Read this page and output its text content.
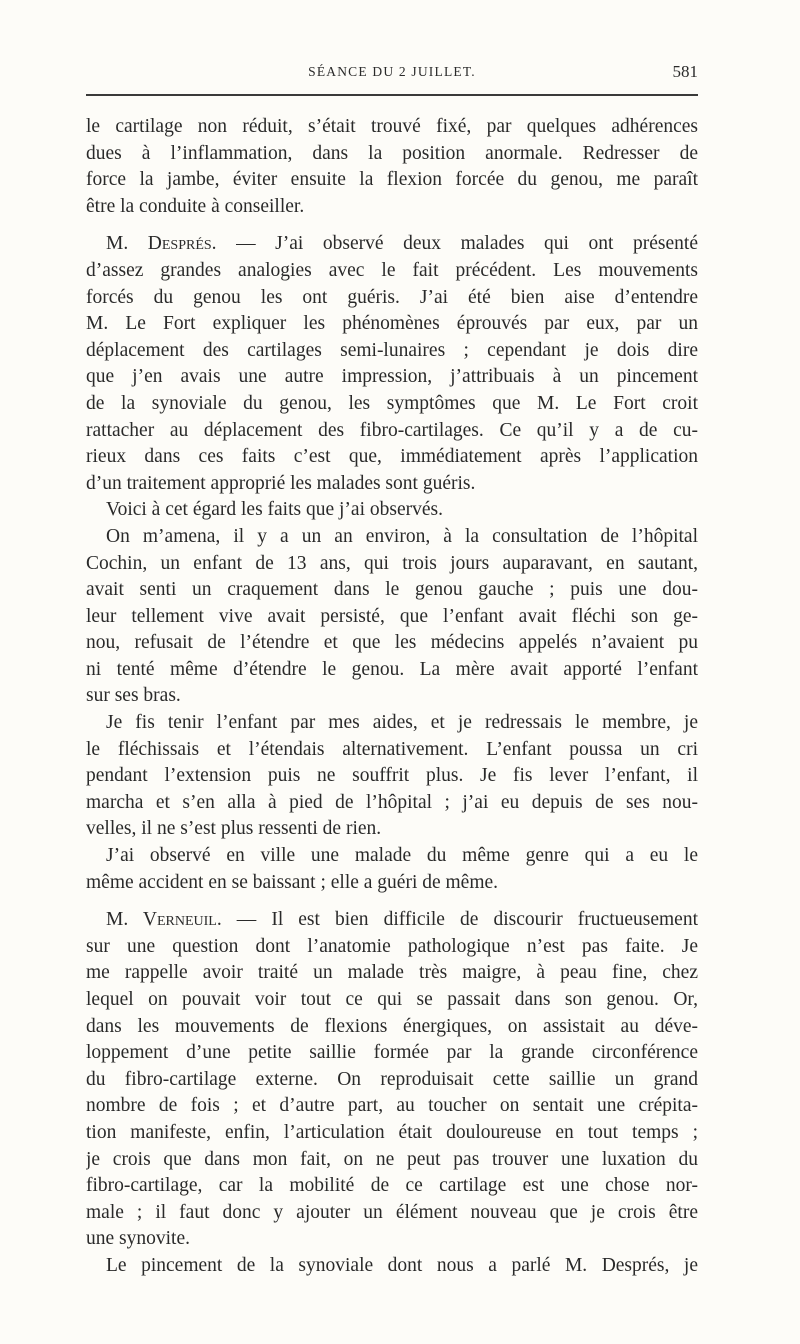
SÉANCE DU 2 JUILLET.	581
le cartilage non réduit, s’était trouvé fixé, par quelques adhérences
dues à l’inflammation, dans la position anormale. Redresser de
force la jambe, éviter ensuite la flexion forcée du genou, me paraît
être la conduite à conseiller.
M. Després. — J’ai observé deux malades qui ont présenté
d’assez grandes analogies avec le fait précédent. Les mouvements
forcés du genou les ont guéris. J’ai été bien aise d’entendre
M. Le Fort expliquer les phénomènes éprouvés par eux, par un
déplacement des cartilages semi-lunaires ; cependant je dois dire
que j’en avais une autre impression, j’attribuais à un pincement
de la synoviale du genou, les symptômes que M. Le Fort croit
rattacher au déplacement des fibro-cartilages. Ce qu’il y a de cu-
rieux dans ces faits c’est que, immédiatement après l’application
d’un traitement approprié les malades sont guéris.
Voici à cet égard les faits que j’ai observés.
On m’amena, il y a un an environ, à la consultation de l’hôpital
Cochin, un enfant de 13 ans, qui trois jours auparavant, en sautant,
avait senti un craquement dans le genou gauche ; puis une dou-
leur tellement vive avait persisté, que l’enfant avait fléchi son ge-
nou, refusait de l’étendre et que les médecins appelés n’avaient pu
ni tenté même d’étendre le genou. La mère avait apporté l’enfant
sur ses bras.
Je fis tenir l’enfant par mes aides, et je redressais le membre, je
le fléchissais et l’étendais alternativement. L’enfant poussa un cri
pendant l’extension puis ne souffrit plus. Je fis lever l’enfant, il
marcha et s’en alla à pied de l’hôpital ; j’ai eu depuis de ses nou-
velles, il ne s’est plus ressenti de rien.
J’ai observé en ville une malade du même genre qui a eu le
même accident en se baissant ; elle a guéri de même.
M. Verneuil. — Il est bien difficile de discourir fructueusement
sur une question dont l’anatomie pathologique n’est pas faite. Je
me rappelle avoir traité un malade très maigre, à peau fine, chez
lequel on pouvait voir tout ce qui se passait dans son genou. Or,
dans les mouvements de flexions énergiques, on assistait au déve-
loppement d’une petite saillie formée par la grande circonférence
du fibro-cartilage externe. On reproduisait cette saillie un grand
nombre de fois ; et d’autre part, au toucher on sentait une crépita-
tion manifeste, enfin, l’articulation était douloureuse en tout temps ;
je crois que dans mon fait, on ne peut pas trouver une luxation du
fibro-cartilage, car la mobilité de ce cartilage est une chose nor-
male ; il faut donc y ajouter un élément nouveau que je crois être
une synovite.
Le pincement de la synoviale dont nous a parlé M. Després, je
